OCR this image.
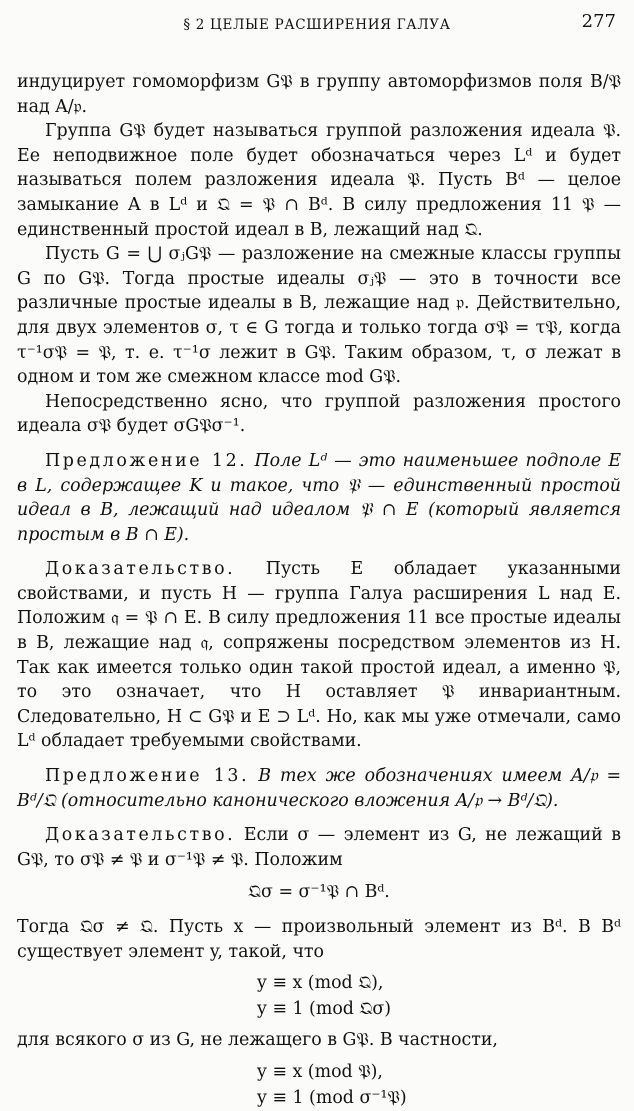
§ 2 ЦЕЛЫЕ РАСШИРЕНИЯ ГАЛУА	277

индуцирует гомоморфизм G𝔓 в группу автоморфизмов поля B/𝔓 над A/𝔭.

Группа G𝔓 будет называться группой разложения идеала 𝔓. Ее неподвижное поле будет обозначаться через Lᵈ и будет называться полем разложения идеала 𝔓. Пусть Bᵈ — целое замыкание A в Lᵈ и 𝔔 = 𝔓 ∩ Bᵈ. В силу предложения 11 𝔓 — единственный простой идеал в B, лежащий над 𝔔.

Пусть G = ⋃ σⱼG𝔓 — разложение на смежные классы группы G по G𝔓. Тогда простые идеалы σⱼ𝔓 — это в точности все различные простые идеалы в B, лежащие над 𝔭. Действительно, для двух элементов σ, τ ∈ G тогда и только тогда σ𝔓 = τ𝔓, когда τ⁻¹σ𝔓 = 𝔓, т. е. τ⁻¹σ лежит в G𝔓. Таким образом, τ, σ лежат в одном и том же смежном классе mod G𝔓.

Непосредственно ясно, что группой разложения простого идеала σ𝔓 будет σG𝔓σ⁻¹.

Предложение 12. Поле Lᵈ — это наименьшее подполе E в L, содержащее K и такое, что 𝔓 — единственный простой идеал в B, лежащий над идеалом 𝔓 ∩ E (который является простым в B ∩ E).

Доказательство. Пусть E обладает указанными свойствами, и пусть H — группа Галуа расширения L над E. Положим 𝔮 = 𝔓 ∩ E. В силу предложения 11 все простые идеалы в B, лежащие над 𝔮, сопряжены посредством элементов из H. Так как имеется только один такой простой идеал, а именно 𝔓, то это означает, что H оставляет 𝔓 инвариантным. Следовательно, H ⊂ G𝔓 и E ⊃ Lᵈ. Но, как мы уже отмечали, само Lᵈ обладает требуемыми свойствами.

Предложение 13. В тех же обозначениях имеем A/𝔭 = Bᵈ/𝔔 (относительно канонического вложения A/𝔭 → Bᵈ/𝔔).

Доказательство. Если σ — элемент из G, не лежащий в G𝔓, то σ𝔓 ≠ 𝔓 и σ⁻¹𝔓 ≠ 𝔓. Положим

𝔔σ = σ⁻¹𝔓 ∩ Bᵈ.

Тогда 𝔔σ ≠ 𝔔. Пусть x — произвольный элемент из Bᵈ. В Bᵈ существует элемент y, такой, что

y ≡ x (mod 𝔔),

y ≡ 1 (mod 𝔔σ)

для всякого σ из G, не лежащего в G𝔓. В частности,

y ≡ x (mod 𝔓),

y ≡ 1 (mod σ⁻¹𝔓)
